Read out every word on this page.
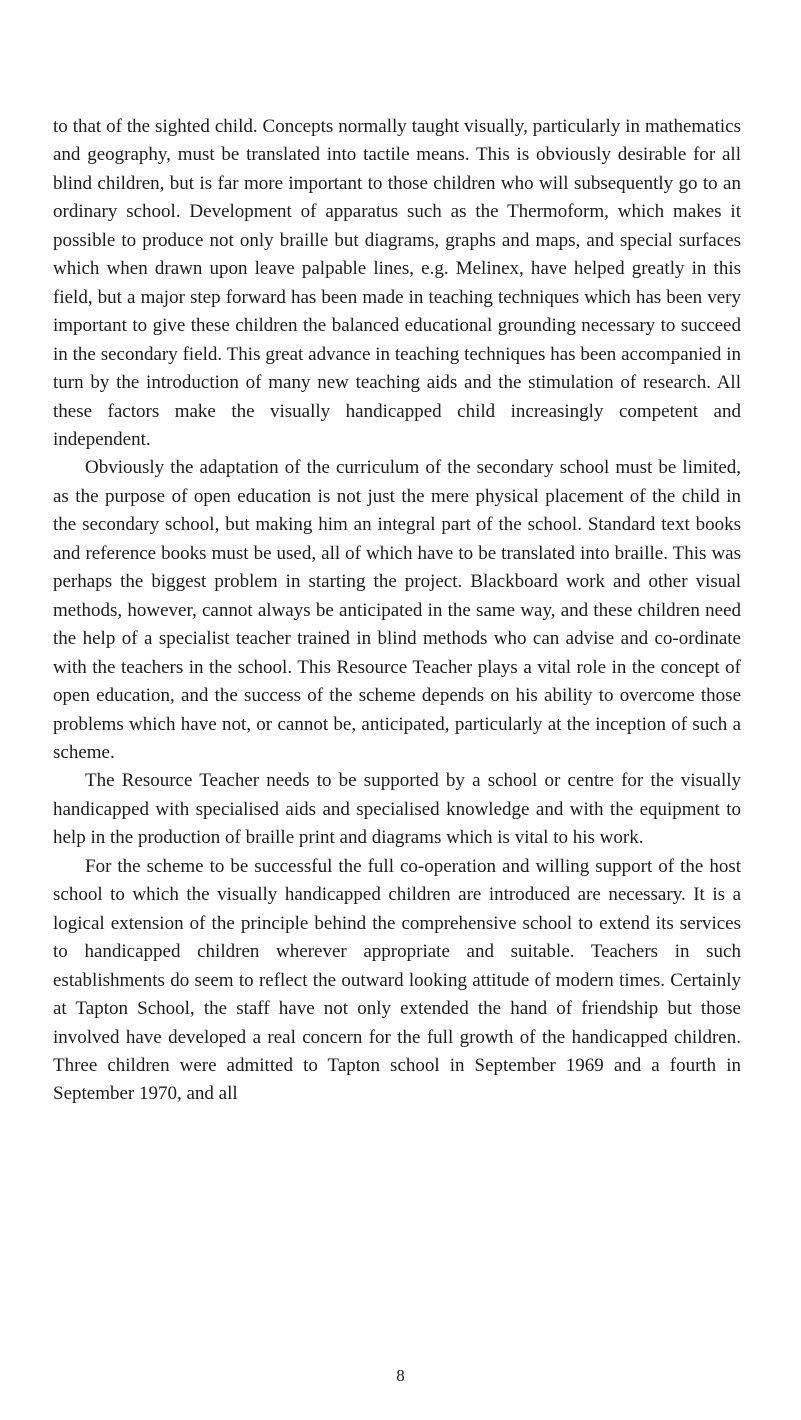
to that of the sighted child. Concepts normally taught visually, particularly in mathematics and geography, must be translated into tactile means. This is obviously desirable for all blind children, but is far more important to those children who will subsequently go to an ordinary school. Development of apparatus such as the Thermoform, which makes it possible to produce not only braille but diagrams, graphs and maps, and special surfaces which when drawn upon leave palpable lines, e.g. Melinex, have helped greatly in this field, but a major step forward has been made in teaching techniques which has been very important to give these children the balanced educational grounding necessary to succeed in the secondary field. This great advance in teaching techniques has been accompanied in turn by the introduction of many new teaching aids and the stimulation of research. All these factors make the visually handicapped child increasingly competent and independent.

Obviously the adaptation of the curriculum of the secondary school must be limited, as the purpose of open education is not just the mere physical placement of the child in the secondary school, but making him an integral part of the school. Standard text books and reference books must be used, all of which have to be translated into braille. This was perhaps the biggest problem in starting the project. Blackboard work and other visual methods, however, cannot always be anticipated in the same way, and these children need the help of a specialist teacher trained in blind methods who can advise and co-ordinate with the teachers in the school. This Resource Teacher plays a vital role in the concept of open education, and the success of the scheme depends on his ability to overcome those problems which have not, or cannot be, anticipated, particularly at the inception of such a scheme.

The Resource Teacher needs to be supported by a school or centre for the visually handicapped with specialised aids and specialised knowledge and with the equipment to help in the production of braille print and diagrams which is vital to his work.

For the scheme to be successful the full co-operation and willing support of the host school to which the visually handicapped children are introduced are necessary. It is a logical extension of the principle behind the comprehensive school to extend its services to handicapped children wherever appropriate and suitable. Teachers in such establishments do seem to reflect the outward looking attitude of modern times. Certainly at Tapton School, the staff have not only extended the hand of friendship but those involved have developed a real concern for the full growth of the handicapped children. Three children were admitted to Tapton school in September 1969 and a fourth in September 1970, and all

8
